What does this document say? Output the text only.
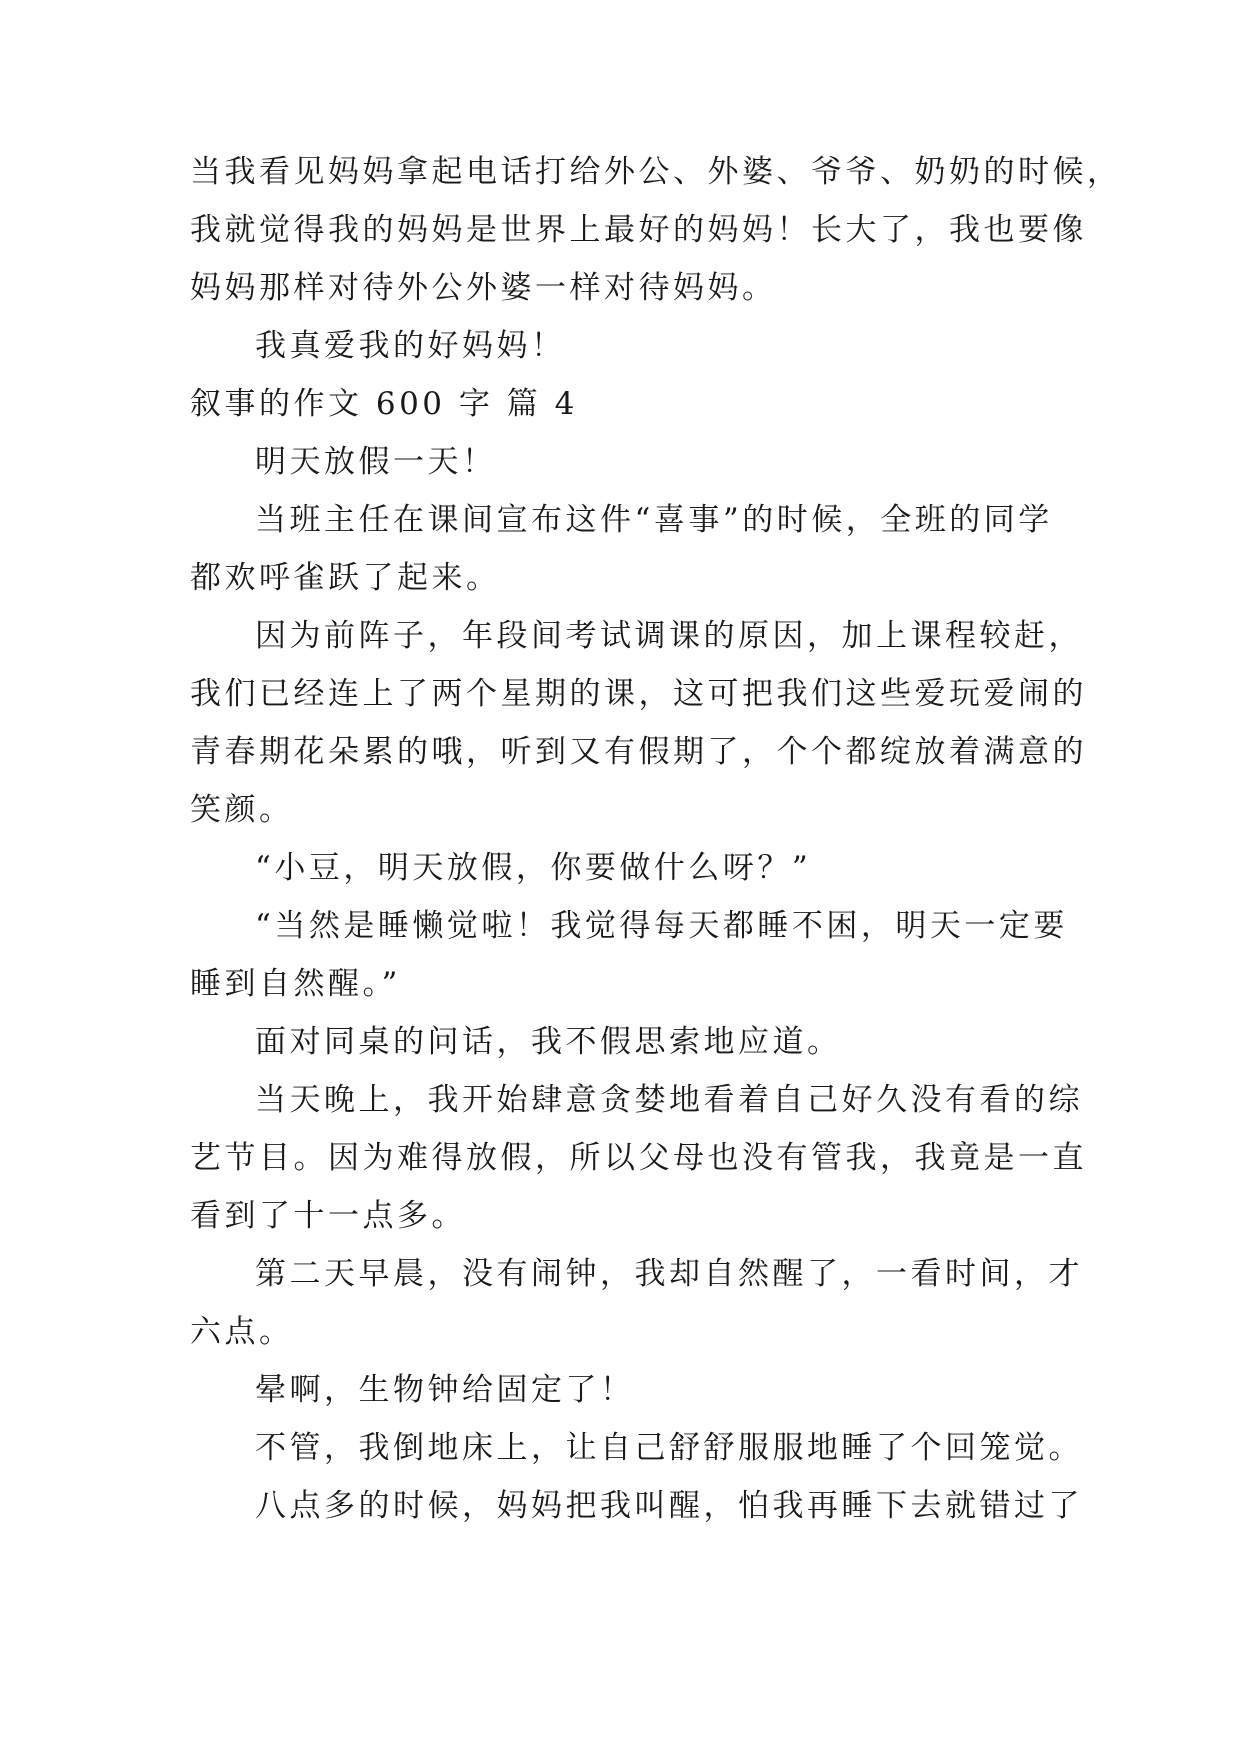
当我看见妈妈拿起电话打给外公、外婆、爷爷、奶奶的时候，
我就觉得我的妈妈是世界上最好的妈妈！长大了，我也要像
妈妈那样对待外公外婆一样对待妈妈。
我真爱我的好妈妈！
叙事的作文 600 字 篇 4
明天放假一天！
当班主任在课间宣布这件“喜事”的时候，全班的同学
都欢呼雀跃了起来。
因为前阵子，年段间考试调课的原因，加上课程较赶，
我们已经连上了两个星期的课，这可把我们这些爱玩爱闹的
青春期花朵累的哦，听到又有假期了，个个都绽放着满意的
笑颜。
“小豆，明天放假，你要做什么呀？”
“当然是睡懒觉啦！我觉得每天都睡不困，明天一定要
睡到自然醒。”
面对同桌的问话，我不假思索地应道。
当天晚上，我开始肆意贪婪地看着自己好久没有看的综
艺节目。因为难得放假，所以父母也没有管我，我竟是一直
看到了十一点多。
第二天早晨，没有闹钟，我却自然醒了，一看时间，才
六点。
晕啊，生物钟给固定了！
不管，我倒地床上，让自己舒舒服服地睡了个回笼觉。
八点多的时候，妈妈把我叫醒，怕我再睡下去就错过了
